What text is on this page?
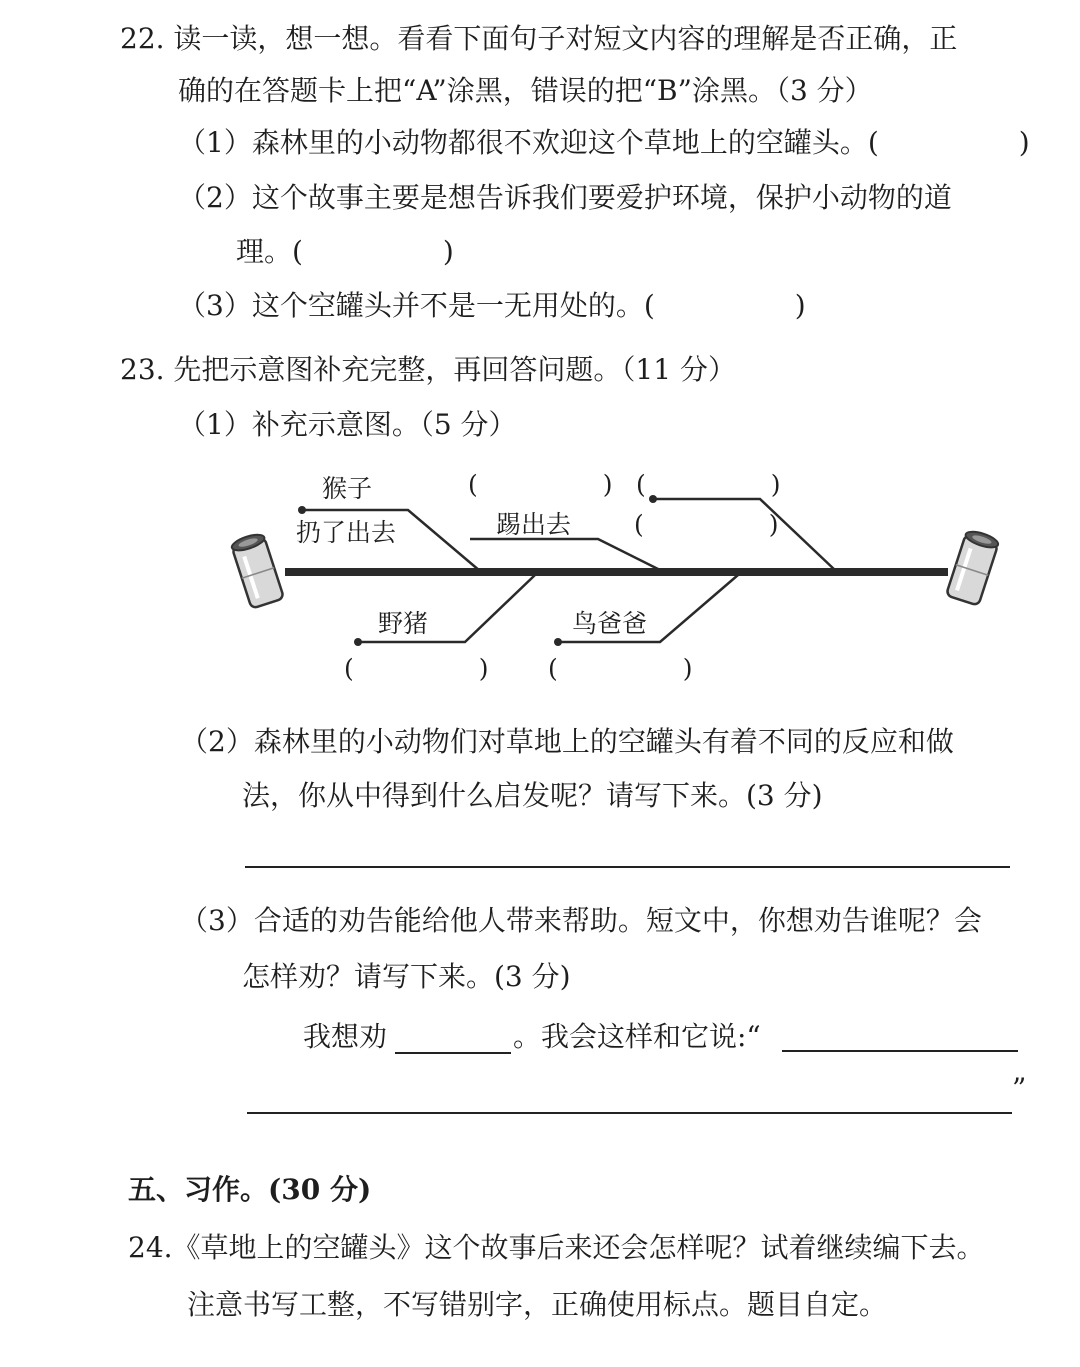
22. 读一读，想一想。看看下面句子对短文内容的理解是否正确，正
确的在答题卡上把“A”涂黑，错误的把“B”涂黑。（3 分）
（1）森林里的小动物都很不欢迎这个草地上的空罐头。(　　　　　)
（2）这个故事主要是想告诉我们要爱护环境，保护小动物的道
理。(　　　　　)
（3）这个空罐头并不是一无用处的。(　　　　　)
23. 先把示意图补充完整，再回答问题。（11 分）
（1）补充示意图。（5 分）
猴子
扔了出去	踢出去
野猪	鸟爸爸
(　　　　　) (　　　　　)
(　　　　　)
(　　　　　) (　　　　　)
（2）森林里的小动物们对草地上的空罐头有着不同的反应和做
法，你从中得到什么启发呢？请写下来。(3 分)
（3）合适的劝告能给他人带来帮助。短文中，你想劝告谁呢？会
怎样劝？请写下来。(3 分)
我想劝	。我会这样和它说:“
”
五、习作。(30 分)
24.《草地上的空罐头》这个故事后来还会怎样呢？试着继续编下去。
注意书写工整，不写错别字，正确使用标点。题目自定。
